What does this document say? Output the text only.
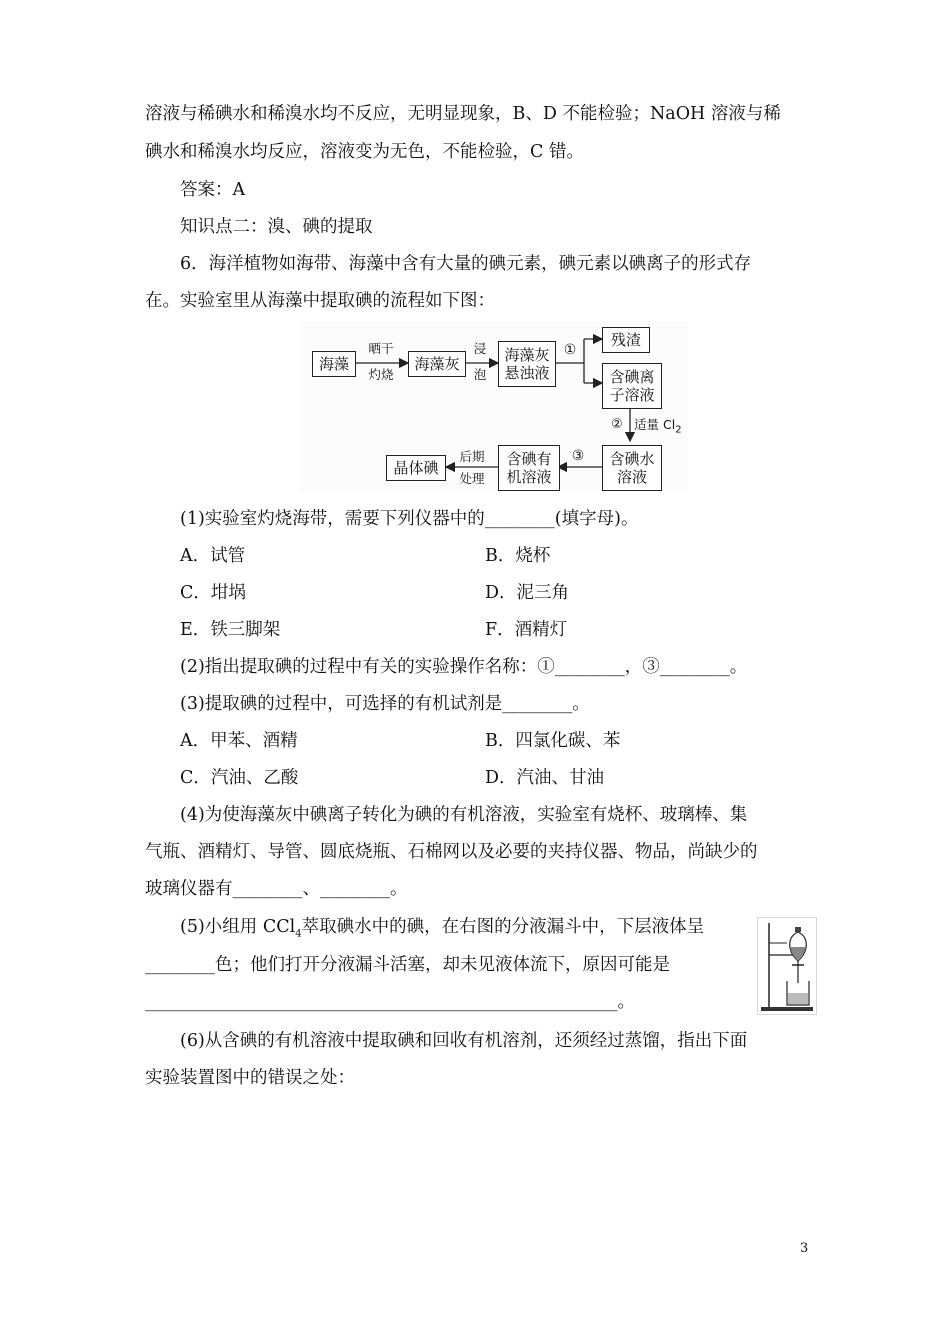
溶液与稀碘水和稀溴水均不反应，无明显现象，B、D 不能检验；NaOH 溶液与稀
碘水和稀溴水均反应，溶液变为无色，不能检验，C 错。
答案：A
知识点二：溴、碘的提取
6．海洋植物如海带、海藻中含有大量的碘元素，碘元素以碘离子的形式存
在。实验室里从海藻中提取碘的流程如下图：
海藻
晒干
灼烧
海藻灰
浸
泡
海藻灰
悬浊液
①
残渣
含碘离
子溶液
② 适量 $Cl_2$
含碘水
溶液
③
含碘有
机溶液
后期
处理
晶体碘
(1)实验室灼烧海带，需要下列仪器中的________(填字母)。
A．试管	B．烧杯
C．坩埚	D．泥三角
E．铁三脚架	F．酒精灯
(2)指出提取碘的过程中有关的实验操作名称：①________，③________。
(3)提取碘的过程中，可选择的有机试剂是________。
A．甲苯、酒精	B．四氯化碳、苯
C．汽油、乙酸	D．汽油、甘油
(4)为使海藻灰中碘离子转化为碘的有机溶液，实验室有烧杯、玻璃棒、集
气瓶、酒精灯、导管、圆底烧瓶、石棉网以及必要的夹持仪器、物品，尚缺少的
玻璃仪器有________、________。
(5)小组用 CCl$_4$萃取碘水中的碘，在右图的分液漏斗中，下层液体呈
________色；他们打开分液漏斗活塞，却未见液体流下，原因可能是
______________________________________________________。
(6)从含碘的有机溶液中提取碘和回收有机溶剂，还须经过蒸馏，指出下面
实验装置图中的错误之处：
3
